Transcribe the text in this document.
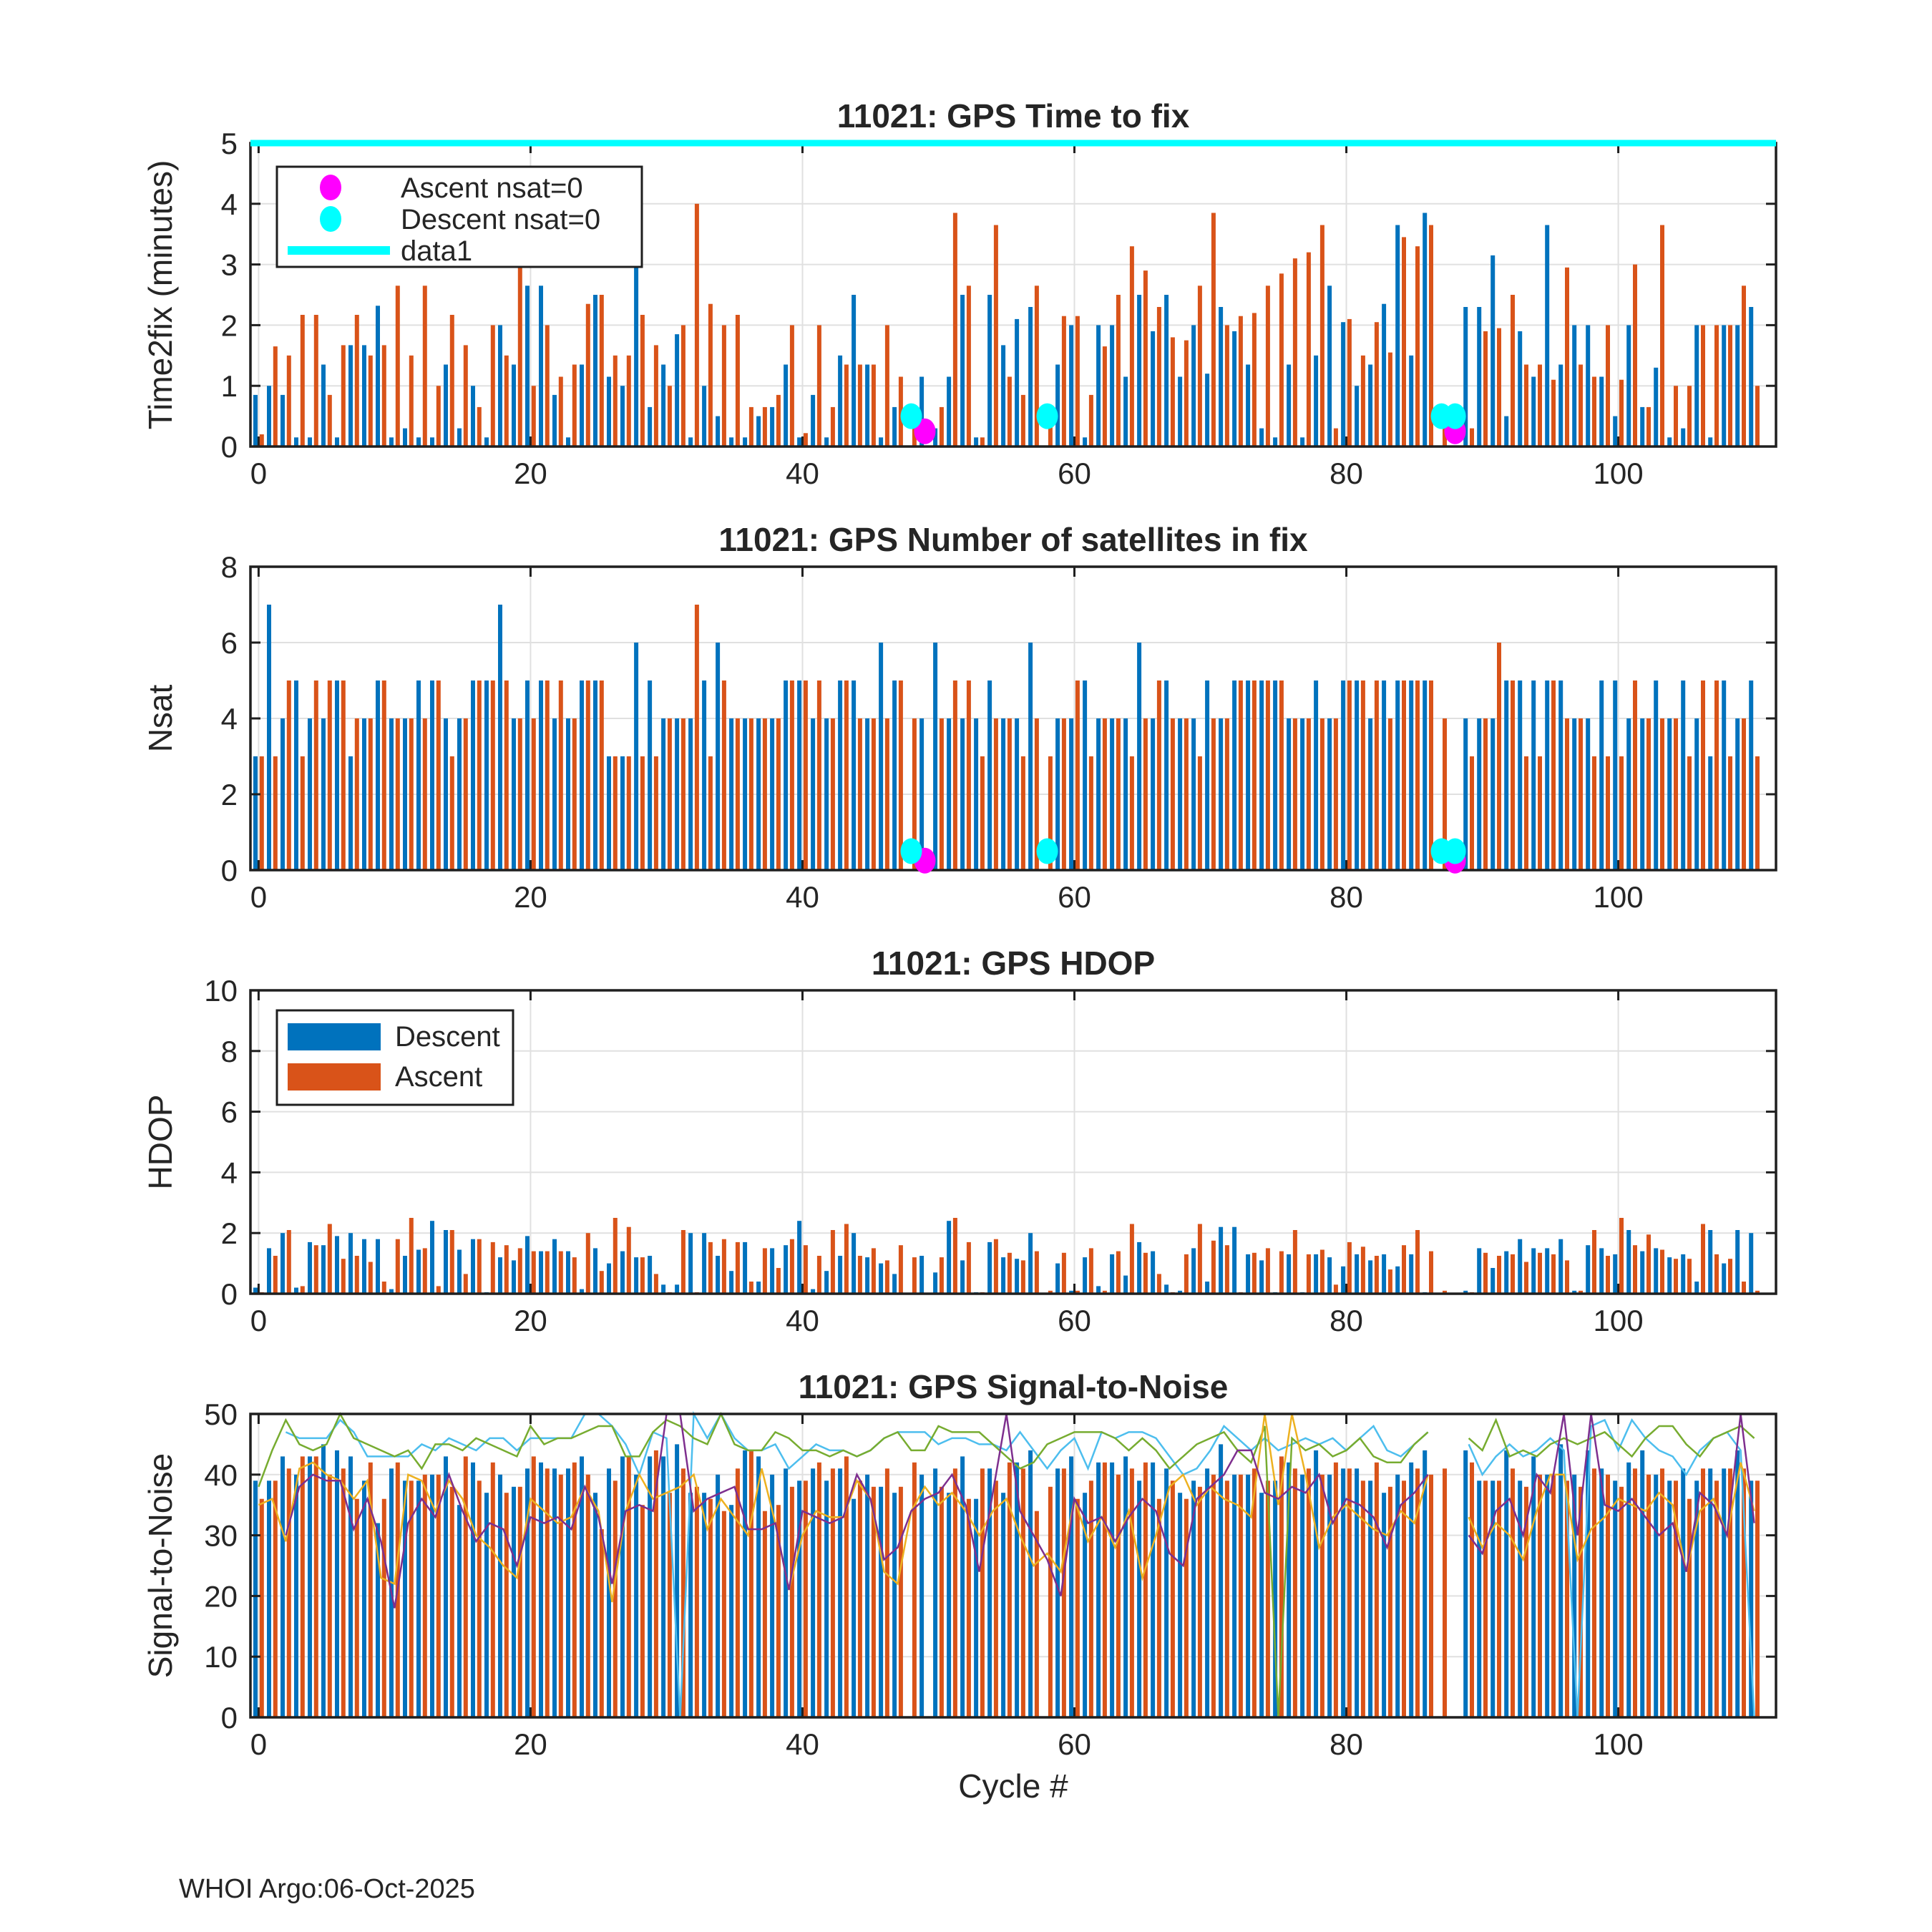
0	20	40	60	80	100
0
1
2
3
4
5
0	20	40	60	80	100
0
2
4
6
8
0	20	40	60	80	100
0
2
4
6
8
10
0	20	40	60	80	100
0
10
20
30
40
50
11021: GPS Time to fix
11021: GPS Number of satellites in fix
11021: GPS HDOP
11021: GPS Signal-to-Noise
Time2fix (minutes)
Nsat
HDOP
Signal-to-Noise
Cycle #
WHOI Argo:06-Oct-2025
Ascent nsat=0
Descent nsat=0
data1
Descent
Ascent
